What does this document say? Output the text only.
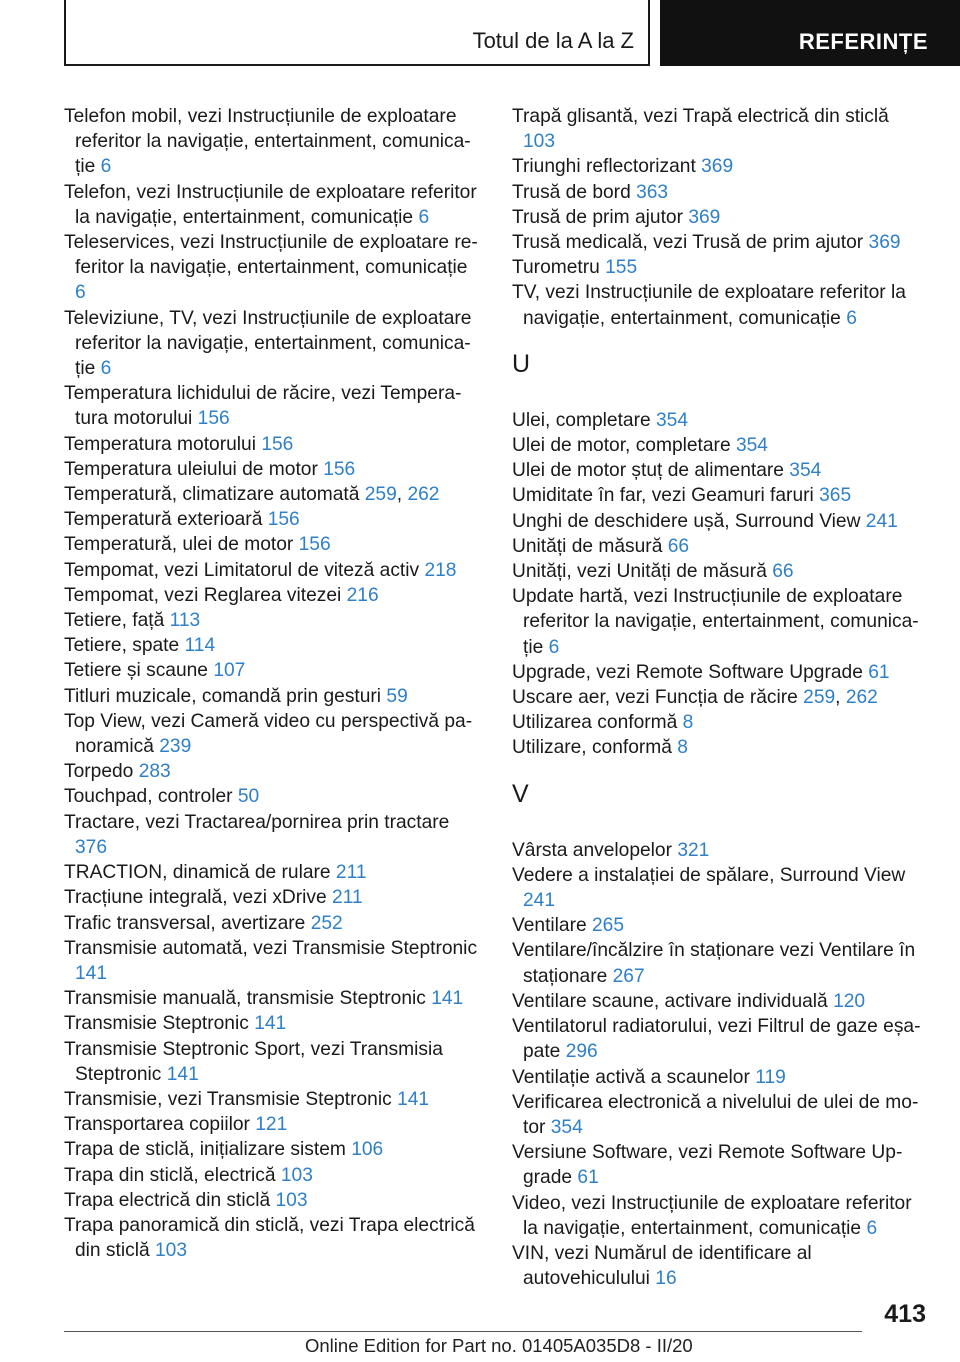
Totul de la A la Z	REFERINȚE
Telefon mobil, vezi Instrucțiunile de exploatare referitor la navigație, entertainment, comunicație 6
Telefon, vezi Instrucțiunile de exploatare referitor la navigație, entertainment, comunicație 6
Teleservices, vezi Instrucțiunile de exploatare referitor la navigație, entertainment, comunicație 6
Televiziune, TV, vezi Instrucțiunile de exploatare referitor la navigație, entertainment, comunicație 6
Temperatura lichidului de răcire, vezi Temperatura motorului 156
Temperatura motorului 156
Temperatura uleiului de motor 156
Temperatură, climatizare automată 259, 262
Temperatură exterioară 156
Temperatură, ulei de motor 156
Tempomat, vezi Limitatorul de viteză activ 218
Tempomat, vezi Reglarea vitezei 216
Tetiere, față 113
Tetiere, spate 114
Tetiere și scaune 107
Titluri muzicale, comandă prin gesturi 59
Top View, vezi Cameră video cu perspectivă panoramică 239
Torpedo 283
Touchpad, controler 50
Tractare, vezi Tractarea/pornirea prin tractare 376
TRACTION, dinamică de rulare 211
Tracțiune integrală, vezi xDrive 211
Trafic transversal, avertizare 252
Transmisie automată, vezi Transmisie Steptronic 141
Transmisie manuală, transmisie Steptronic 141
Transmisie Steptronic 141
Transmisie Steptronic Sport, vezi Transmisia Steptronic 141
Transmisie, vezi Transmisie Steptronic 141
Transportarea copiilor 121
Trapa de sticlă, inițializare sistem 106
Trapa din sticlă, electrică 103
Trapa electrică din sticlă 103
Trapa panoramică din sticlă, vezi Trapa electrică din sticlă 103
Trapă glisantă, vezi Trapă electrică din sticlă 103
Triunghi reflectorizant 369
Trusă de bord 363
Trusă de prim ajutor 369
Trusă medicală, vezi Trusă de prim ajutor 369
Turometru 155
TV, vezi Instrucțiunile de exploatare referitor la navigație, entertainment, comunicație 6
U
Ulei, completare 354
Ulei de motor, completare 354
Ulei de motor ștuț de alimentare 354
Umiditate în far, vezi Geamuri faruri 365
Unghi de deschidere ușă, Surround View 241
Unități de măsură 66
Unități, vezi Unități de măsură 66
Update hartă, vezi Instrucțiunile de exploatare referitor la navigație, entertainment, comunicație 6
Upgrade, vezi Remote Software Upgrade 61
Uscare aer, vezi Funcția de răcire 259, 262
Utilizarea conformă 8
Utilizare, conformă 8
V
Vârsta anvelopelor 321
Vedere a instalației de spălare, Surround View 241
Ventilare 265
Ventilare/încălzire în staționare vezi Ventilare în staționare 267
Ventilare scaune, activare individuală 120
Ventilatorul radiatorului, vezi Filtrul de gaze eșapate 296
Ventilație activă a scaunelor 119
Verificarea electronică a nivelului de ulei de motor 354
Versiune Software, vezi Remote Software Upgrade 61
Video, vezi Instrucțiunile de exploatare referitor la navigație, entertainment, comunicație 6
VIN, vezi Numărul de identificare al autovehiculului 16
413
Online Edition for Part no. 01405A035D8 - II/20
